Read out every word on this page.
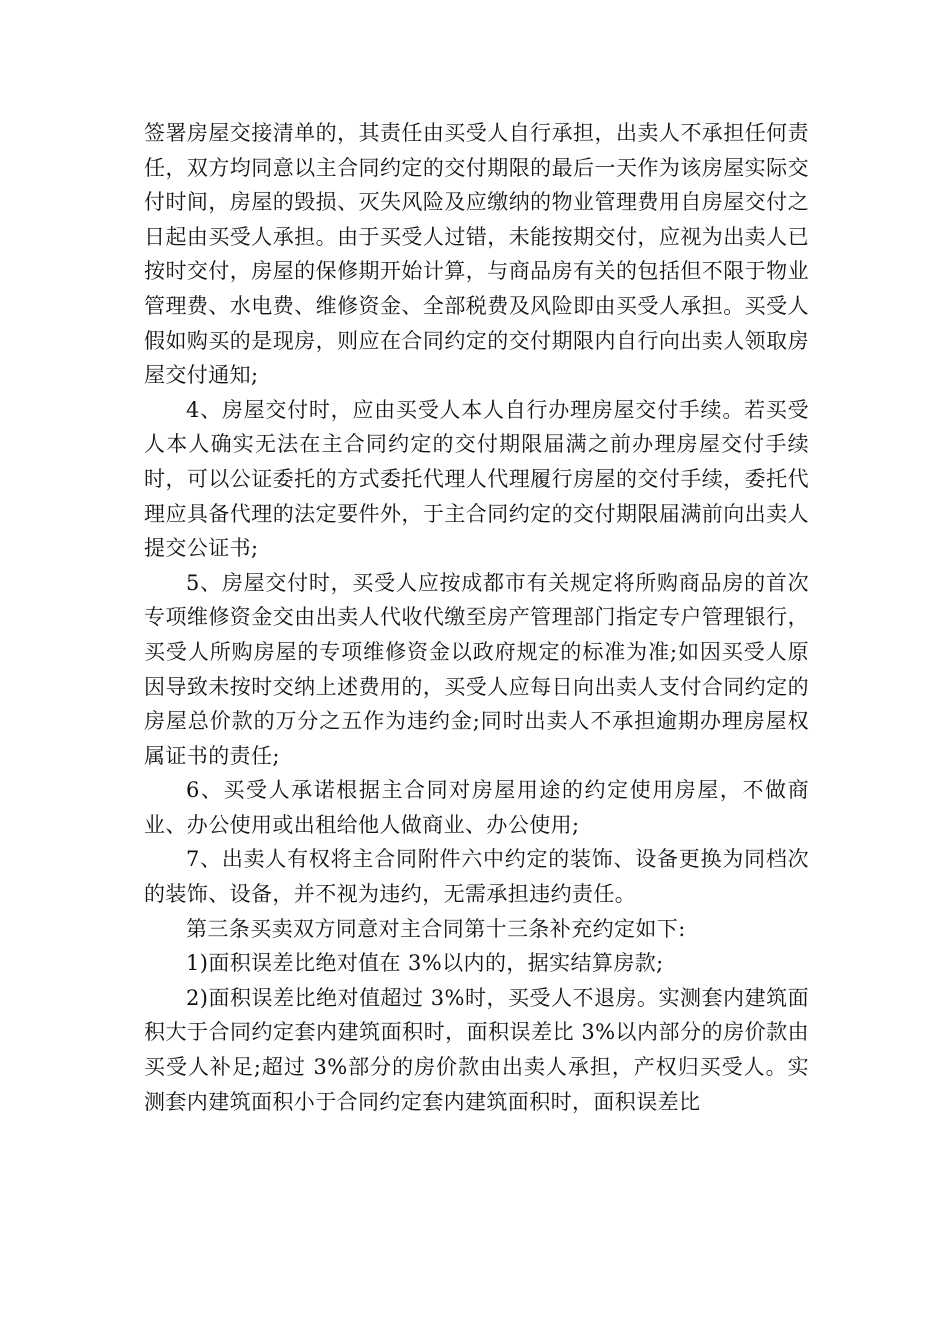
签署房屋交接清单的，其责任由买受人自行承担，出卖人不承担任何责任，双方均同意以主合同约定的交付期限的最后一天作为该房屋实际交付时间，房屋的毁损、灭失风险及应缴纳的物业管理费用自房屋交付之日起由买受人承担。由于买受人过错，未能按期交付，应视为出卖人已按时交付，房屋的保修期开始计算，与商品房有关的包括但不限于物业管理费、水电费、维修资金、全部税费及风险即由买受人承担。买受人假如购买的是现房，则应在合同约定的交付期限内自行向出卖人领取房屋交付通知;

4、房屋交付时，应由买受人本人自行办理房屋交付手续。若买受人本人确实无法在主合同约定的交付期限届满之前办理房屋交付手续时，可以公证委托的方式委托代理人代理履行房屋的交付手续，委托代理应具备代理的法定要件外，于主合同约定的交付期限届满前向出卖人提交公证书;

5、房屋交付时，买受人应按成都市有关规定将所购商品房的首次专项维修资金交由出卖人代收代缴至房产管理部门指定专户管理银行，买受人所购房屋的专项维修资金以政府规定的标准为准;如因买受人原因导致未按时交纳上述费用的，买受人应每日向出卖人支付合同约定的房屋总价款的万分之五作为违约金;同时出卖人不承担逾期办理房屋权属证书的责任;

6、买受人承诺根据主合同对房屋用途的约定使用房屋，不做商业、办公使用或出租给他人做商业、办公使用;

7、出卖人有权将主合同附件六中约定的装饰、设备更换为同档次的装饰、设备，并不视为违约，无需承担违约责任。

第三条买卖双方同意对主合同第十三条补充约定如下:

1)面积误差比绝对值在 3%以内的，据实结算房款;

2)面积误差比绝对值超过 3%时，买受人不退房。实测套内建筑面积大于合同约定套内建筑面积时，面积误差比 3%以内部分的房价款由买受人补足;超过 3%部分的房价款由出卖人承担，产权归买受人。实测套内建筑面积小于合同约定套内建筑面积时，面积误差比
